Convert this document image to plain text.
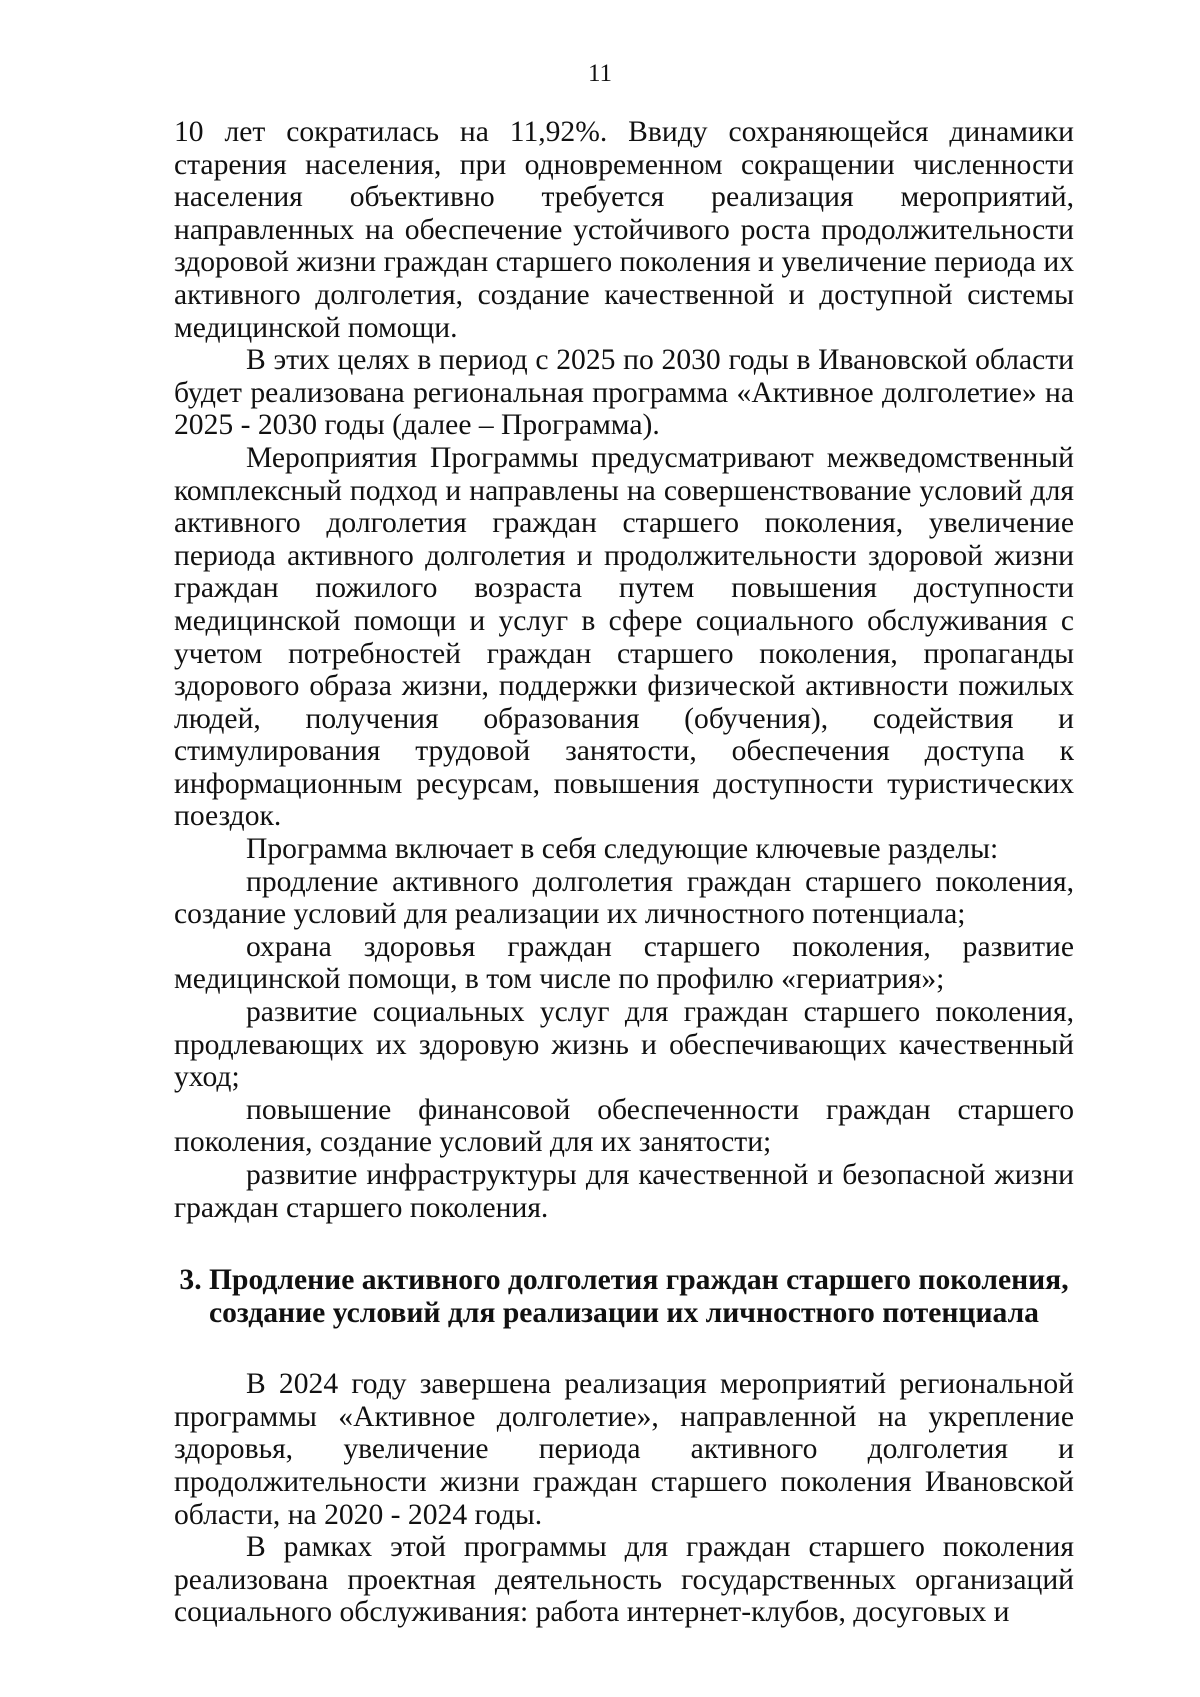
11

10 лет сократилась на 11,92%. Ввиду сохраняющейся динамики старения населения, при одновременном сокращении численности населения объективно требуется реализация мероприятий, направленных на обеспечение устойчивого роста продолжительности здоровой жизни граждан старшего поколения и увеличение периода их активного долголетия, создание качественной и доступной системы медицинской помощи.

В этих целях в период с 2025 по 2030 годы в Ивановской области будет реализована региональная программа «Активное долголетие» на 2025 - 2030 годы (далее – Программа).

Мероприятия Программы предусматривают межведомственный комплексный подход и направлены на совершенствование условий для активного долголетия граждан старшего поколения, увеличение периода активного долголетия и продолжительности здоровой жизни граждан пожилого возраста путем повышения доступности медицинской помощи и услуг в сфере социального обслуживания с учетом потребностей граждан старшего поколения, пропаганды здорового образа жизни, поддержки физической активности пожилых людей, получения образования (обучения), содействия и стимулирования трудовой занятости, обеспечения доступа к информационным ресурсам, повышения доступности туристических поездок.

Программа включает в себя следующие ключевые разделы:

продление активного долголетия граждан старшего поколения, создание условий для реализации их личностного потенциала;

охрана здоровья граждан старшего поколения, развитие медицинской помощи, в том числе по профилю «гериатрия»;

развитие социальных услуг для граждан старшего поколения, продлевающих их здоровую жизнь и обеспечивающих качественный уход;

повышение финансовой обеспеченности граждан старшего поколения, создание условий для их занятости;

развитие инфраструктуры для качественной и безопасной жизни граждан старшего поколения.

3. Продление активного долголетия граждан старшего поколения,
создание условий для реализации их личностного потенциала

В 2024 году завершена реализация мероприятий региональной программы «Активное долголетие», направленной на укрепление здоровья, увеличение периода активного долголетия и продолжительности жизни граждан старшего поколения Ивановской области, на 2020 - 2024 годы.

В рамках этой программы для граждан старшего поколения реализована проектная деятельность государственных организаций социального обслуживания: работа интернет-клубов, досуговых и
